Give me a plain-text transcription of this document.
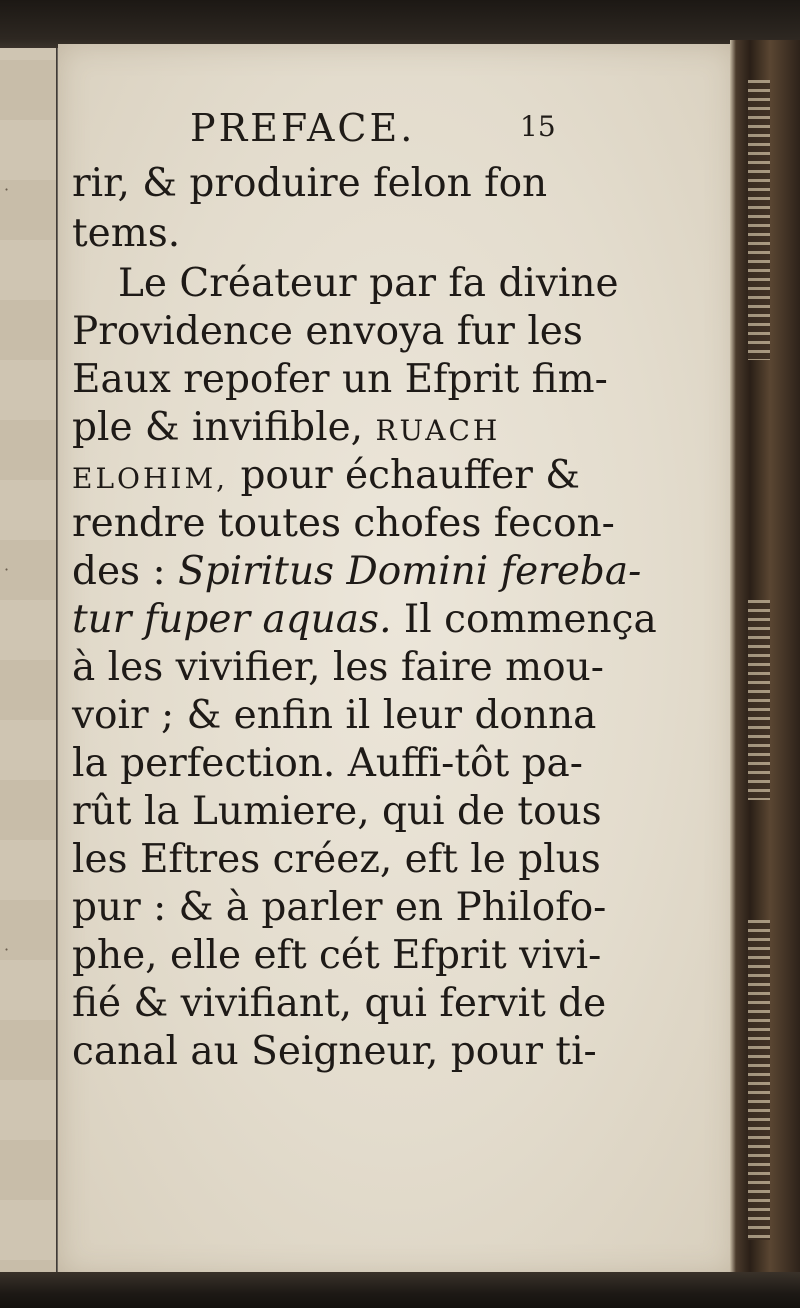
·
·
·
PREFACE.	15
rir, & produire felon fon
tems.
Le Créateur par fa divine
Providence envoya fur les
Eaux repofer un Efprit fim-
ple & invifible, RUACH
ELOHIM, pour échauffer &
rendre toutes chofes fecon-
des : Spiritus Domini fereba-
tur fuper aquas. Il commença
à les vivifier, les faire mou-
voir ; & enfin il leur donna
la perfection. Auffi-tôt pa-
rût la Lumiere, qui de tous
les Eftres créez, eft le plus
pur : & à parler en Philofo-
phe, elle eft cét Efprit vivi-
fié & vivifiant, qui fervit de
canal au Seigneur, pour ti-
